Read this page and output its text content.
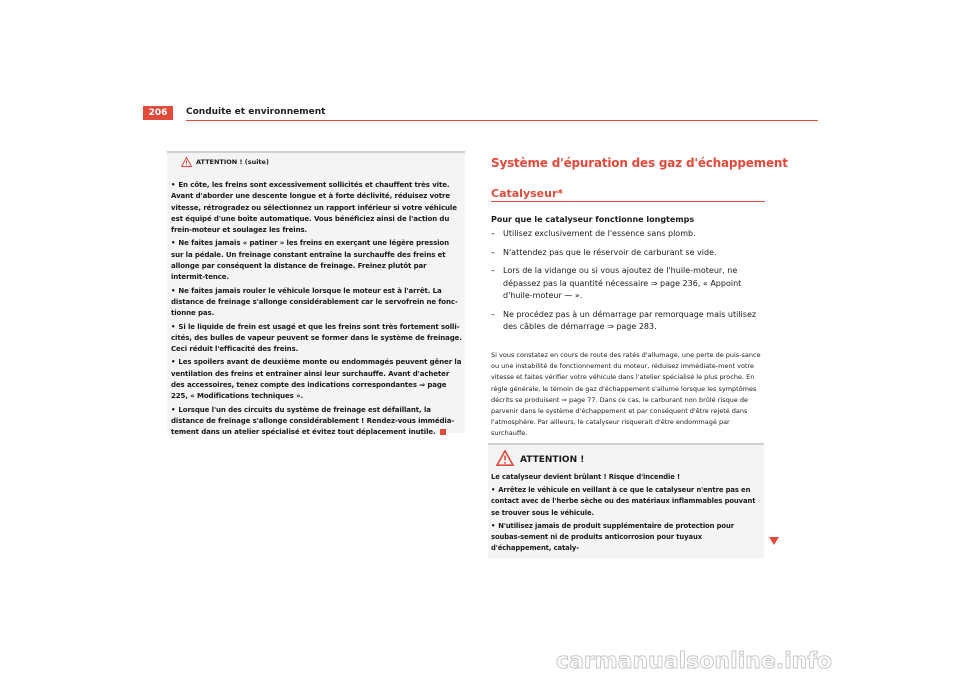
206	Conduite et environnement
ATTENTION ! (suite)

• En côte, les freins sont excessivement sollicités et chauffent très vite. Avant d'aborder une descente longue et à forte déclivité, réduisez votre vitesse, rétrogradez ou sélectionnez un rapport inférieur si votre véhicule est équipé d'une boîte automatique. Vous bénéficiez ainsi de l'action du frein-moteur et soulagez les freins.

• Ne faites jamais « patiner » les freins en exerçant une légère pression sur la pédale. Un freinage constant entraîne la surchauffe des freins et allonge par conséquent la distance de freinage. Freinez plutôt par intermit-tence.

• Ne faites jamais rouler le véhicule lorsque le moteur est à l'arrêt. La distance de freinage s'allonge considérablement car le servofrein ne fonc-tionne pas.

• Si le liquide de frein est usagé et que les freins sont très fortement solli-cités, des bulles de vapeur peuvent se former dans le système de freinage. Ceci réduit l'efficacité des freins.

• Les spoilers avant de deuxième monte ou endommagés peuvent gêner la ventilation des freins et entraîner ainsi leur surchauffe. Avant d'acheter des accessoires, tenez compte des indications correspondantes ⇒ page 225, « Modifications techniques ».

• Lorsque l'un des circuits du système de freinage est défaillant, la distance de freinage s'allonge considérablement ! Rendez-vous immédia-tement dans un atelier spécialisé et évitez tout déplacement inutile.

Système d'épuration des gaz d'échappement
Catalyseur*
Pour que le catalyseur fonctionne longtemps
–	Utilisez exclusivement de l'essence sans plomb.
–	N'attendez pas que le réservoir de carburant se vide.
–	Lors de la vidange ou si vous ajoutez de l'huile-moteur, ne dépassez pas la quantité nécessaire ⇒ page 236, « Appoint d'huile-moteur ⁓ ».
–	Ne procédez pas à un démarrage par remorquage mais utilisez des câbles de démarrage ⇒ page 283.
Si vous constatez en cours de route des ratés d'allumage, une perte de puis-sance ou une instabilité de fonctionnement du moteur, réduisez immédiate-ment votre vitesse et faites vérifier votre véhicule dans l'atelier spécialisé le plus proche. En règle générale, le témoin de gaz d'échappement s'allume lorsque les symptômes décrits se produisent ⇒ page 77. Dans ce cas, le carburant non brûlé risque de parvenir dans le système d'échappement et par conséquent d'être rejeté dans l'atmosphère. Par ailleurs, le catalyseur risquerait d'être endommagé par surchauffe.
ATTENTION !

Le catalyseur devient brûlant ! Risque d'incendie !

• Arrêtez le véhicule en veillant à ce que le catalyseur n'entre pas en contact avec de l'herbe sèche ou des matériaux inflammables pouvant se trouver sous le véhicule.

• N'utilisez jamais de produit supplémentaire de protection pour soubas-sement ni de produits anticorrosion pour tuyaux d'échappement, cataly-

carmanualsonline.info
